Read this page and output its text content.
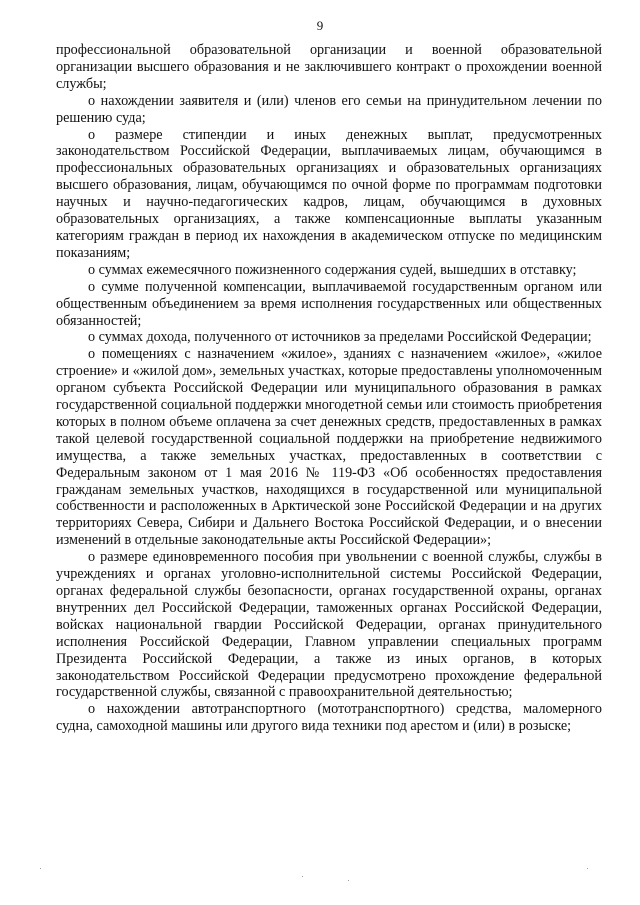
9

профессиональной образовательной организации и военной образовательной организации высшего образования и не заключившего контракт о прохождении военной службы;

о нахождении заявителя и (или) членов его семьи на принудительном лечении по решению суда;

о размере стипендии и иных денежных выплат, предусмотренных законодательством Российской Федерации, выплачиваемых лицам, обучающимся в профессиональных образовательных организациях и образовательных организациях высшего образования, лицам, обучающимся по очной форме по программам подготовки научных и научно-педагогических кадров, лицам, обучающимся в духовных образовательных организациях, а также компенсационные выплаты указанным категориям граждан в период их нахождения в академическом отпуске по медицинским показаниям;

о суммах ежемесячного пожизненного содержания судей, вышедших в отставку;

о сумме полученной компенсации, выплачиваемой государственным органом или общественным объединением за время исполнения государственных или общественных обязанностей;

о суммах дохода, полученного от источников за пределами Российской Федерации;

о помещениях с назначением «жилое», зданиях с назначением «жилое», «жилое строение» и «жилой дом», земельных участках, которые предоставлены уполномоченным органом субъекта Российской Федерации или муниципального образования в рамках государственной социальной поддержки многодетной семьи или стоимость приобретения которых в полном объеме оплачена за счет денежных средств, предоставленных в рамках такой целевой государственной социальной поддержки на приобретение недвижимого имущества, а также земельных участках, предоставленных в соответствии с Федеральным законом от 1 мая 2016 № 119-ФЗ «Об особенностях предоставления гражданам земельных участков, находящихся в государственной или муниципальной собственности и расположенных в Арктической зоне Российской Федерации и на других территориях Севера, Сибири и Дальнего Востока Российской Федерации, и о внесении изменений в отдельные законодательные акты Российской Федерации»;

о размере единовременного пособия при увольнении с военной службы, службы в учреждениях и органах уголовно-исполнительной системы Российской Федерации, органах федеральной службы безопасности, органах государственной охраны, органах внутренних дел Российской Федерации, таможенных органах Российской Федерации, войсках национальной гвардии Российской Федерации, органах принудительного исполнения Российской Федерации, Главном управлении специальных программ Президента Российской Федерации, а также из иных органов, в которых законодательством Российской Федерации предусмотрено прохождение федеральной государственной службы, связанной с правоохранительной деятельностью;

о нахождении автотранспортного (мототранспортного) средства, маломерного судна, самоходной машины или другого вида техники под арестом и (или) в розыске;
